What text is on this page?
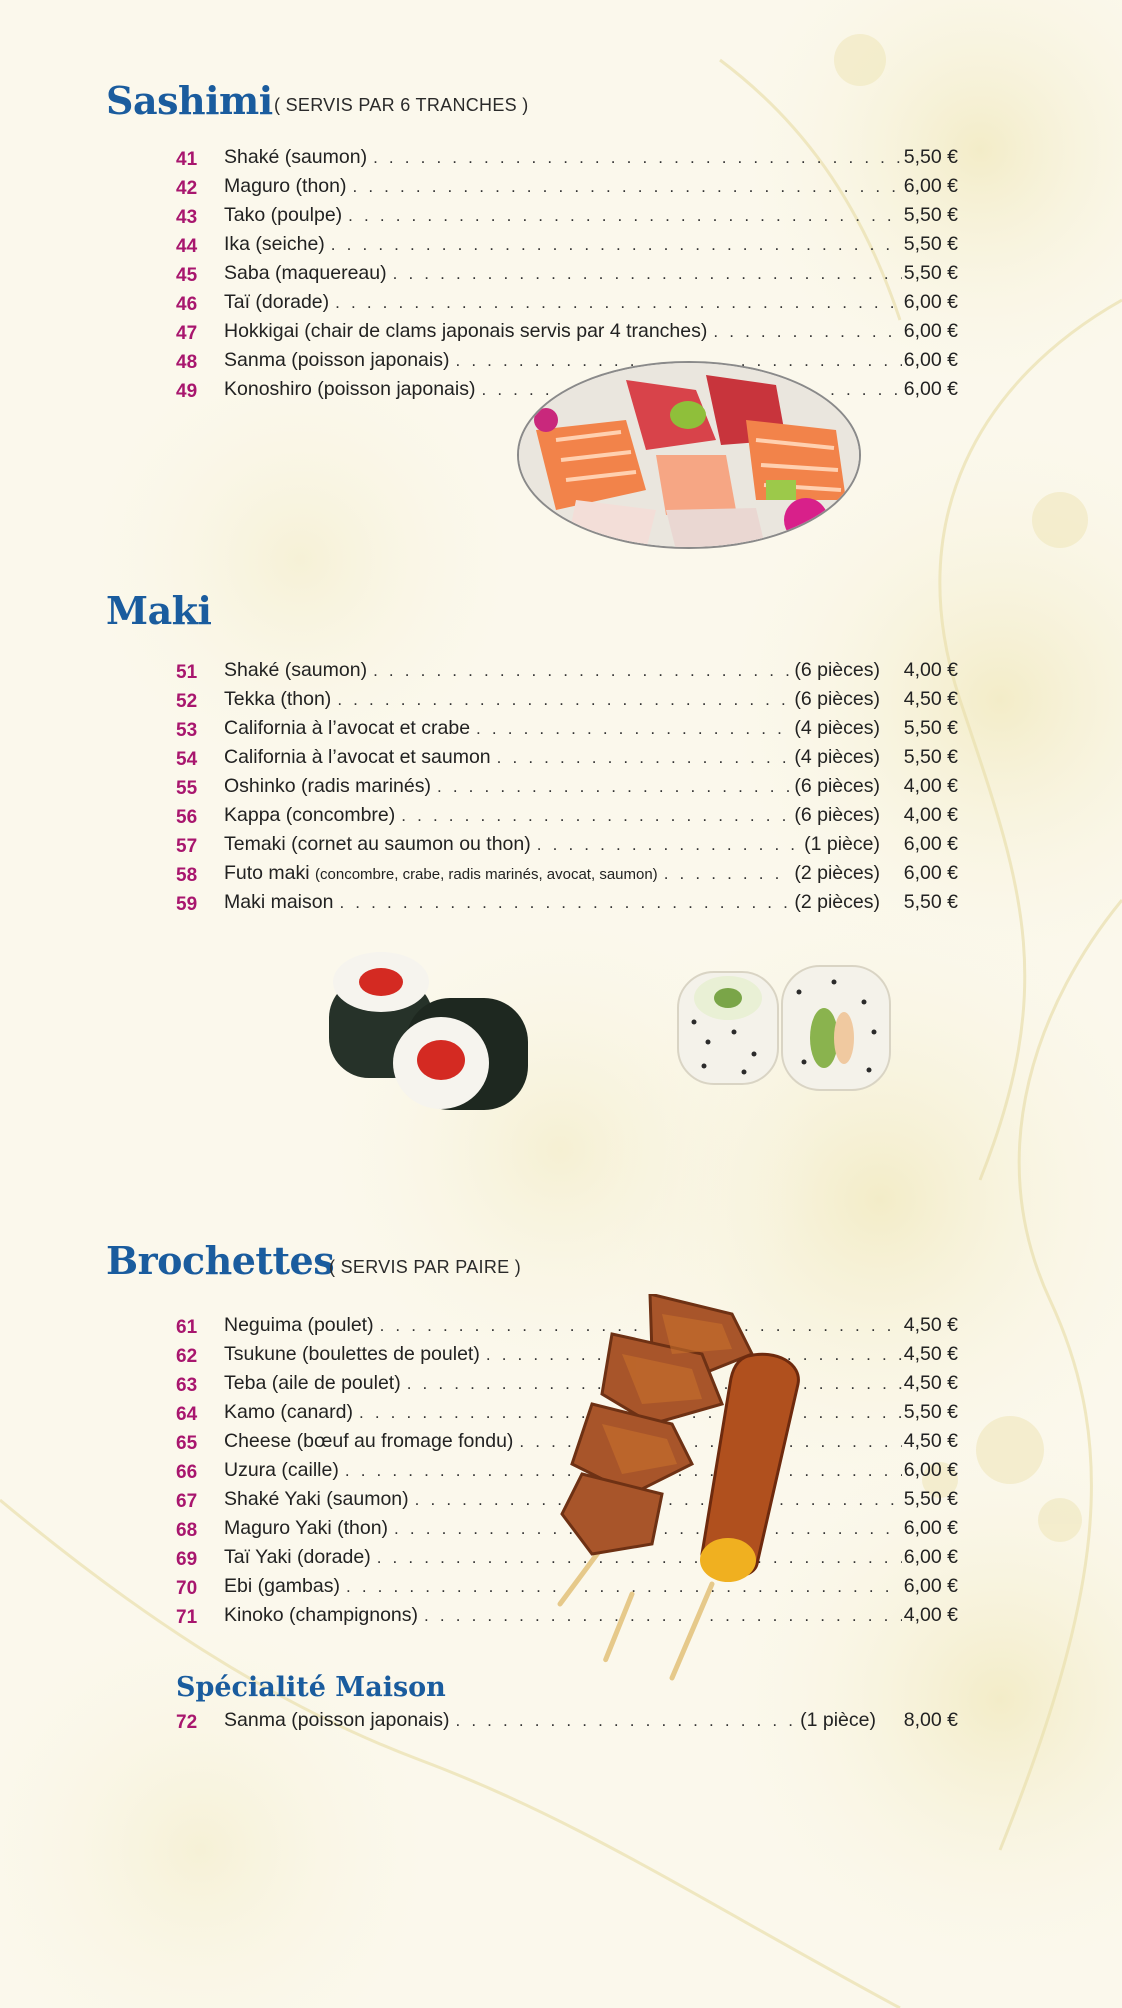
Sashimi ( SERVIS PAR 6 TRANCHES )
41	Shaké (saumon) . . .	5,50 €
42	Maguro (thon) . . .	6,00 €
43	Tako (poulpe) . . .	5,50 €
44	Ika (seiche) . . .	5,50 €
45	Saba (maquereau) . . .	5,50 €
46	Taï (dorade) . . .	6,00 €
47	Hokkigai (chair de clams japonais servis par 4 tranches) . . .	6,00 €
48	Sanma (poisson japonais) . . .	6,00 €
49	Konoshiro (poisson japonais) . . .	6,00 €
Maki
51	Shaké (saumon) . . .	(6 pièces)	4,00 €
52	Tekka (thon) . . .	(6 pièces)	4,50 €
53	California à l’avocat et crabe . . .	(4 pièces)	5,50 €
54	California à l’avocat et saumon . . .	(4 pièces)	5,50 €
55	Oshinko (radis marinés) . . .	(6 pièces)	4,00 €
56	Kappa (concombre) . . .	(6 pièces)	4,00 €
57	Temaki (cornet au saumon ou thon) . . .	(1 pièce)	6,00 €
58	Futo maki (concombre, crabe, radis marinés, avocat, saumon) . . .	(2 pièces)	6,00 €
59	Maki maison . . .	(2 pièces)	5,50 €
Brochettes
( SERVIS PAR PAIRE )
61	Neguima (poulet) . . .	4,50 €
62	Tsukune (boulettes de poulet) . . .	4,50 €
63	Teba (aile de poulet) . . .	4,50 €
64	Kamo (canard) . . .	5,50 €
65	Cheese (bœuf au fromage fondu) . . .	4,50 €
66	Uzura (caille) . . .	6,00 €
67	Shaké Yaki (saumon) . . .	5,50 €
68	Maguro Yaki (thon) . . .	6,00 €
69	Taï Yaki (dorade) . . .	6,00 €
70	Ebi (gambas) . . .	6,00 €
71	Kinoko (champignons) . . .	4,00 €
Spécialité Maison
72	Sanma (poisson japonais) . . .	(1 pièce)	8,00 €
